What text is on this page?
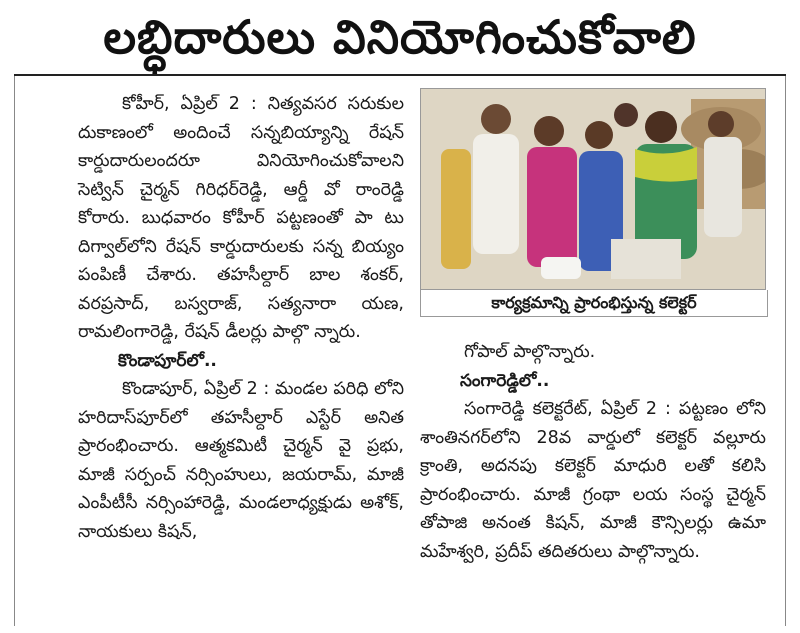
లబ్ధిదారులు వినియోగించుకోవాలి

కోహీర్‌, ఏప్రిల్‌ 2 : నిత్యవసర సరుకుల దుకాణంలో అందించే సన్నబియ్యాన్ని రేషన్‌ కార్డుదారులందరూ వినియోగించుకోవాలని సెట్విన్‌ చైర్మన్‌ గిరిధర్‌రెడ్డి, ఆర్డీ వో రాంరెడ్డి కోరారు. బుధవారం కోహీర్‌ పట్టణంతో పా టు దిగ్వాల్‌లోని రేషన్‌ కార్డుదారులకు సన్న బియ్యం పంపిణీ చేశారు. తహసీల్దార్‌ బాల శంకర్‌, వరప్రసాద్‌, బస్వరాజ్‌, సత్యనారా యణ, రామలింగారెడ్డి, రేషన్‌ డీలర్లు పాల్గొ న్నారు.

కొండాపూర్‌లో..

కొండాపూర్‌, ఏప్రిల్‌ 2 : మండల పరిధి లోని హరిదాస్‌పూర్‌లో తహసీల్దార్‌ ఎస్టేర్‌ అనిత ప్రారంభించారు. ఆత్మకమిటీ చైర్మన్‌ వై ప్రభు, మాజీ సర్పంచ్‌ నర్సింహులు, జయరామ్‌, మాజీ ఎంపీటీసీ నర్సింహారెడ్డి, మండలాధ్యక్షుడు అశోక్‌, నాయకులు కిషన్‌,

కార్యక్రమాన్ని ప్రారంభిస్తున్న కలెక్టర్‌

గోపాల్‌ పాల్గొన్నారు.

సంగారెడ్డిలో..

సంగారెడ్డి కలెక్టరేట్‌, ఏప్రిల్‌ 2 : పట్టణం లోని శాంతినగర్‌లోని 28వ వార్డులో కలెక్టర్‌ వల్లూరు క్రాంతి, అదనపు కలెక్టర్‌ మాధురి లతో కలిసి ప్రారంభించారు. మాజీ గ్రంథా లయ సంస్థ చైర్మన్‌ తోపాజి అనంత కిషన్‌, మాజీ కౌన్సిలర్లు ఉమా మహేశ్వరి, ప్రదీప్‌ తదితరులు పాల్గొన్నారు.
